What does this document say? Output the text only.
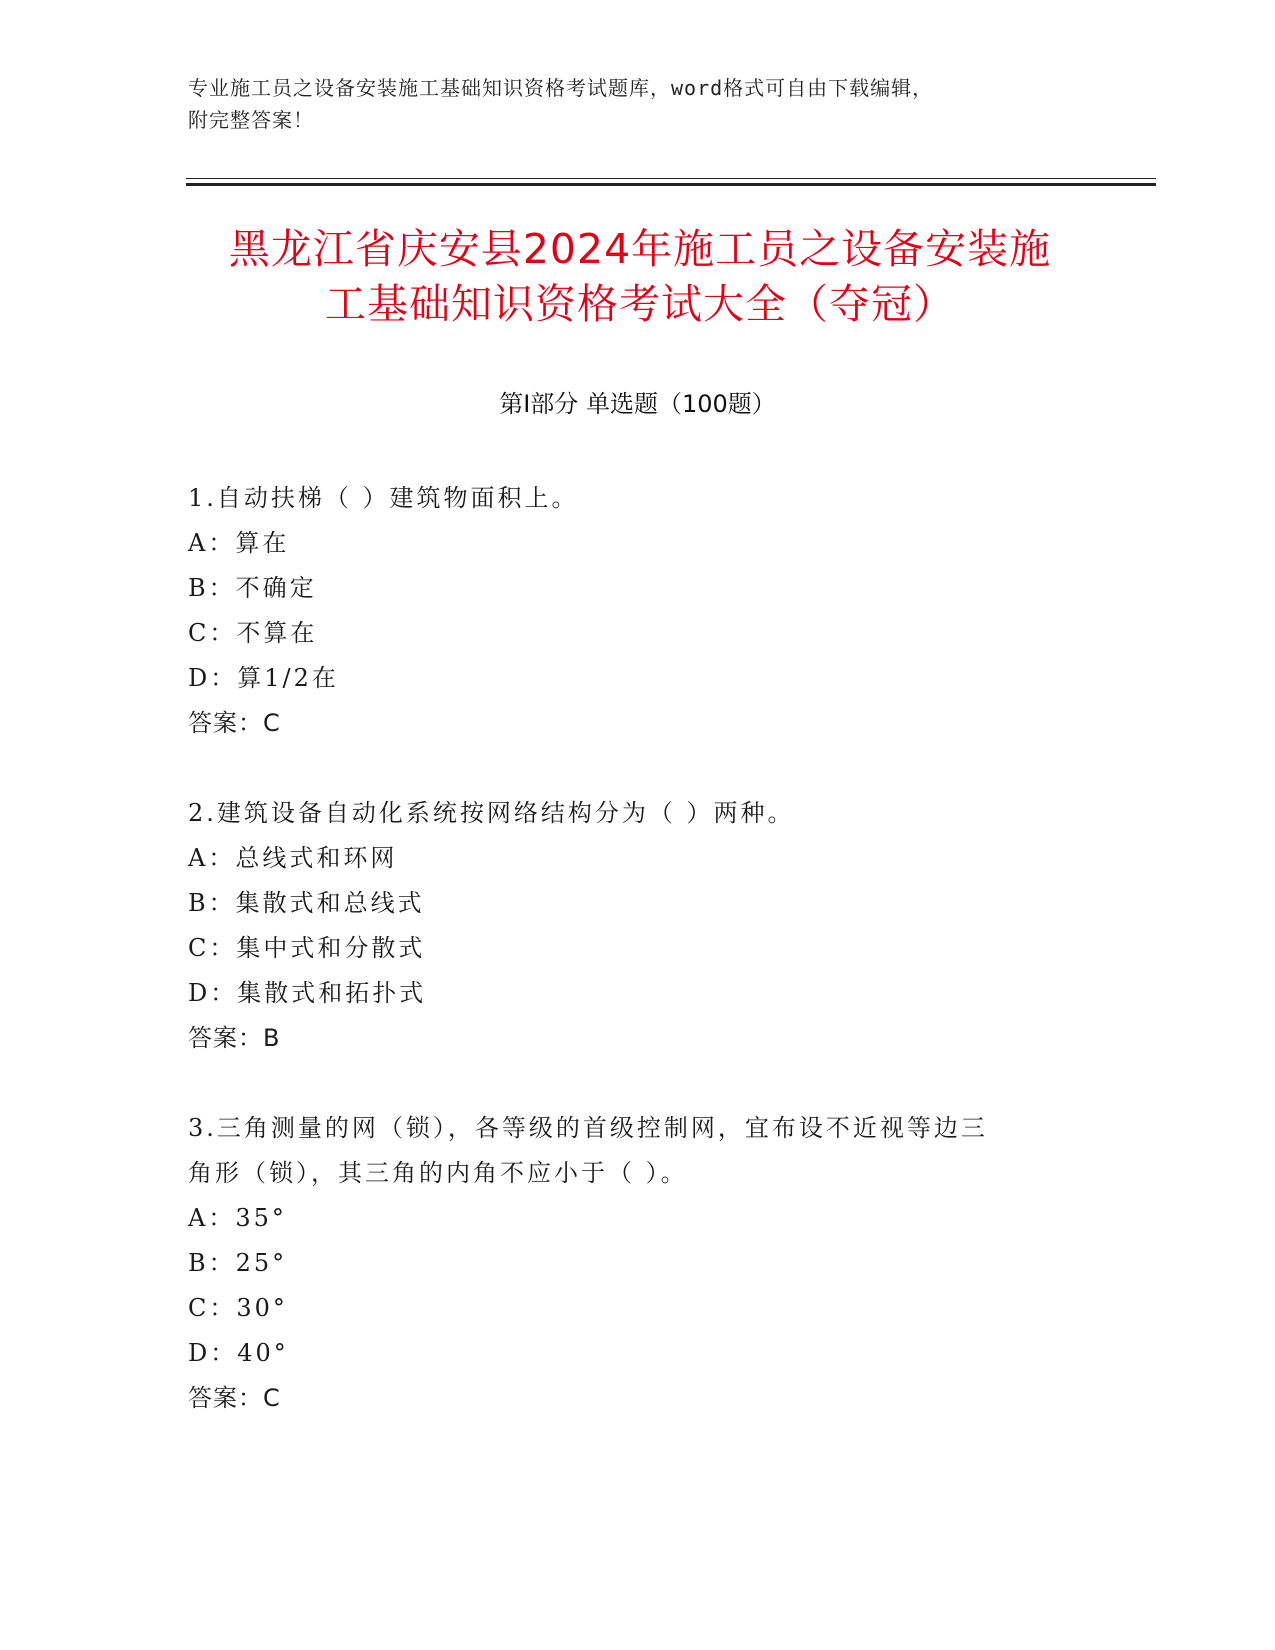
专业施工员之设备安装施工基础知识资格考试题库，word格式可自由下载编辑，
附完整答案！
黑龙江省庆安县2024年施工员之设备安装施
工基础知识资格考试大全（夺冠）
第Ⅰ部分 单选题（100题）

1.自动扶梯（ ）建筑物面积上。

A：算在

B：不确定

C：不算在

D：算1/2在

答案：C

2.建筑设备自动化系统按网络结构分为（ ）两种。

A：总线式和环网

B：集散式和总线式

C：集中式和分散式

D：集散式和拓扑式

答案：B

3.三角测量的网（锁），各等级的首级控制网，宜布设不近视等边三

角形（锁），其三角的内角不应小于（ ）。

A：35°

B：25°

C：30°

D：40°

答案：C
